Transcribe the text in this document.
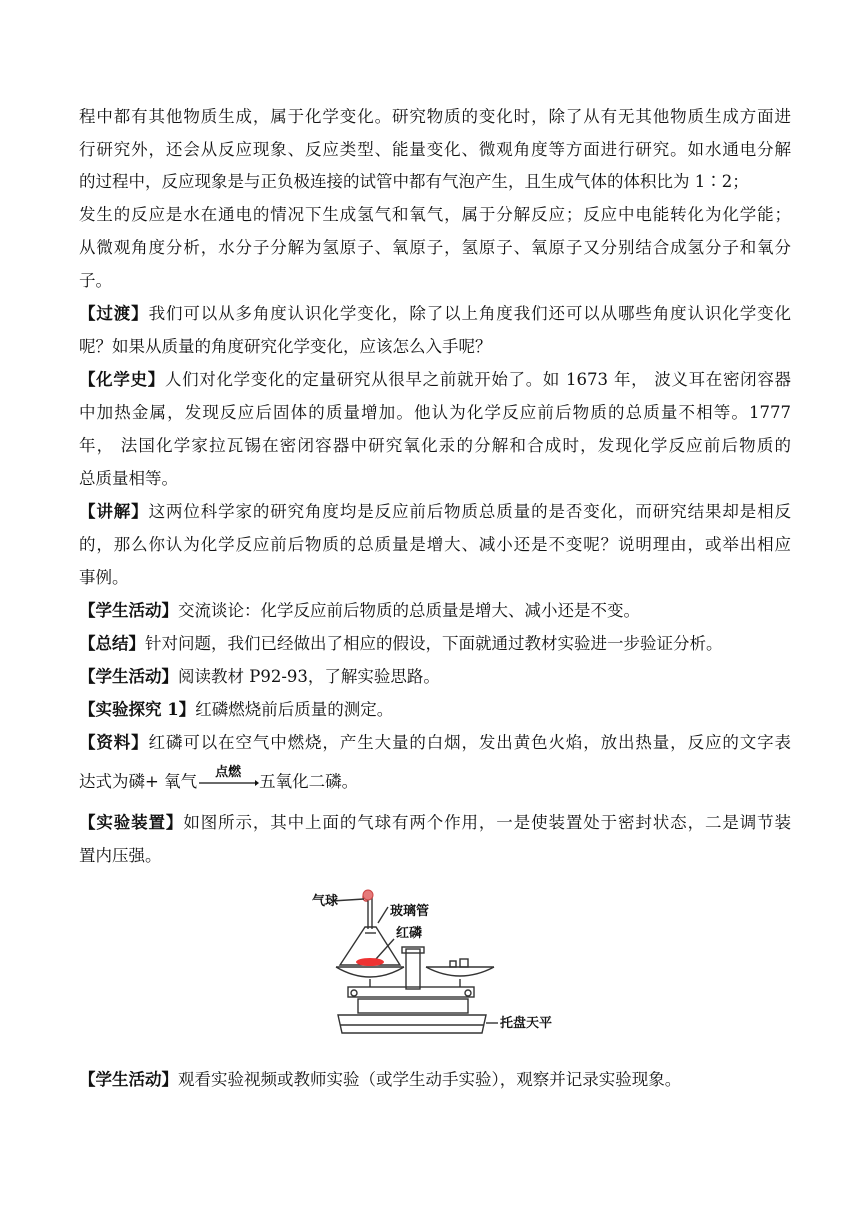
程中都有其他物质生成，属于化学变化。研究物质的变化时，除了从有无其他物质生成方面进
行研究外，还会从反应现象、反应类型、能量变化、微观角度等方面进行研究。如水通电分解
的过程中，反应现象是与正负极连接的试管中都有气泡产生，且生成气体的体积比为 1∶2；
发生的反应是水在通电的情况下生成氢气和氧气，属于分解反应；反应中电能转化为化学能；
从微观角度分析，水分子分解为氢原子、氧原子，氢原子、氧原子又分别结合成氢分子和氧分
子。
【过渡】我们可以从多角度认识化学变化，除了以上角度我们还可以从哪些角度认识化学变化
呢？如果从质量的角度研究化学变化，应该怎么入手呢？
【化学史】人们对化学变化的定量研究从很早之前就开始了。如 1673 年， 波义耳在密闭容器
中加热金属，发现反应后固体的质量增加。他认为化学反应前后物质的总质量不相等。1777
年， 法国化学家拉瓦锡在密闭容器中研究氧化汞的分解和合成时，发现化学反应前后物质的
总质量相等。
【讲解】这两位科学家的研究角度均是反应前后物质总质量的是否变化，而研究结果却是相反
的，那么你认为化学反应前后物质的总质量是增大、减小还是不变呢？说明理由，或举出相应
事例。
【学生活动】交流谈论：化学反应前后物质的总质量是增大、减小还是不变。
【总结】针对问题，我们已经做出了相应的假设，下面就通过教材实验进一步验证分析。
【学生活动】阅读教材 P92-93，了解实验思路。
【实验探究 1】红磷燃烧前后质量的测定。
【资料】红磷可以在空气中燃烧，产生大量的白烟，发出黄色火焰，放出热量，反应的文字表
达式为磷+ 氧气 点燃 五氧化二磷。
【实验装置】如图所示，其中上面的气球有两个作用，一是使装置处于密封状态，二是调节装
置内压强。
气球
玻璃管
红磷
托盘天平
【学生活动】观看实验视频或教师实验（或学生动手实验），观察并记录实验现象。
